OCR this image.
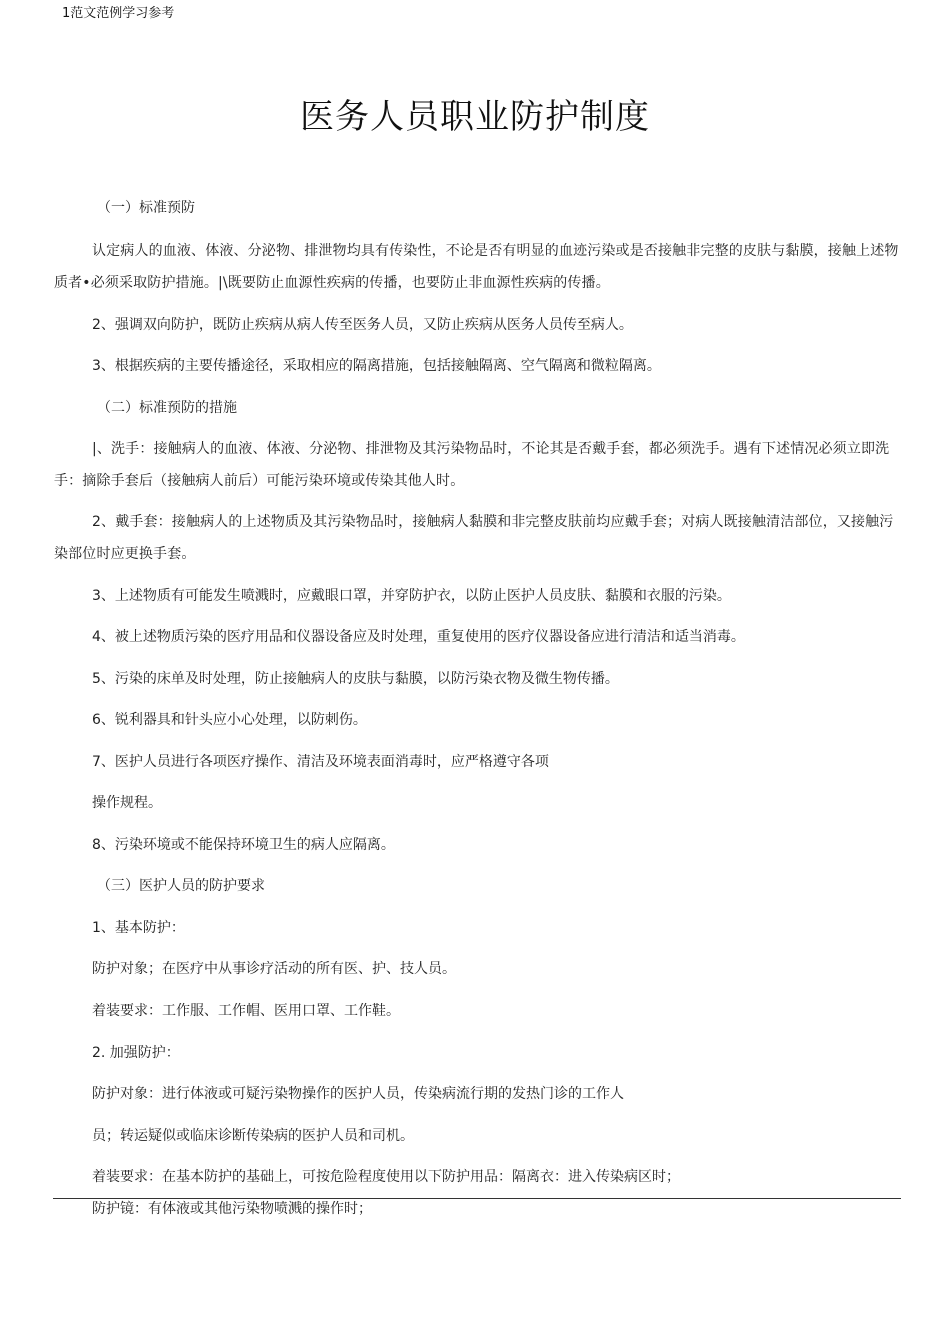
1范文范例学习参考
医务人员职业防护制度
（一）标准预防
认定病人的血液、体液、分泌物、排泄物均具有传染性，不论是否有明显的血迹污染或是否接触非完整的皮肤与黏膜，接触上述物质者•必须采取防护措施。|\既要防止血源性疾病的传播，也要防止非血源性疾病的传播。
2、强调双向防护，既防止疾病从病人传至医务人员，又防止疾病从医务人员传至病人。
3、根据疾病的主要传播途径，采取相应的隔离措施，包括接触隔离、空气隔离和微粒隔离。
（二）标准预防的措施
|、洗手：接触病人的血液、体液、分泌物、排泄物及其污染物品时，不论其是否戴手套，都必须洗手。遇有下述情况必须立即洗手：摘除手套后（接触病人前后）可能污染环境或传染其他人时。
2、戴手套：接触病人的上述物质及其污染物品时，接触病人黏膜和非完整皮肤前均应戴手套；对病人既接触清洁部位，又接触污染部位时应更换手套。
3、上述物质有可能发生喷溅时，应戴眼口罩，并穿防护衣，以防止医护人员皮肤、黏膜和衣服的污染。
4、被上述物质污染的医疗用品和仪器设备应及时处理，重复使用的医疗仪器设备应进行清洁和适当消毒。
5、污染的床单及时处理，防止接触病人的皮肤与黏膜，以防污染衣物及微生物传播。
6、锐利器具和针头应小心处理，以防刺伤。
7、医护人员进行各项医疗操作、清洁及环境表面消毒时，应严格遵守各项
操作规程。
8、污染环境或不能保持环境卫生的病人应隔离。
（三）医护人员的防护要求
1、基本防护：
防护对象；在医疗中从事诊疗活动的所有医、护、技人员。
着装要求：工作服、工作帽、医用口罩、工作鞋。
2. 加强防护：
防护对象：进行体液或可疑污染物操作的医护人员，传染病流行期的发热门诊的工作人
员；转运疑似或临床诊断传染病的医护人员和司机。
着装要求：在基本防护的基础上，可按危险程度使用以下防护用品：隔离衣：进入传染病区时；
防护镜：有体液或其他污染物喷溅的操作时；
